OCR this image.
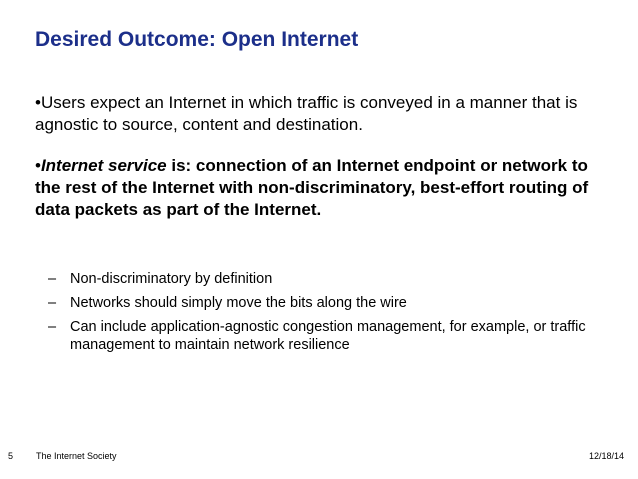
Desired Outcome: Open Internet
•Users expect an Internet in which traffic is conveyed in a manner that is agnostic to source, content and destination.
•Internet service is: connection of an Internet endpoint or network to the rest of the Internet with non-discriminatory, best-effort routing of data packets as part of the Internet.
– Non-discriminatory by definition
– Networks should simply move the bits along the wire
– Can include application-agnostic congestion management, for example, or traffic management to maintain network resilience
5	The Internet Society	12/18/14
